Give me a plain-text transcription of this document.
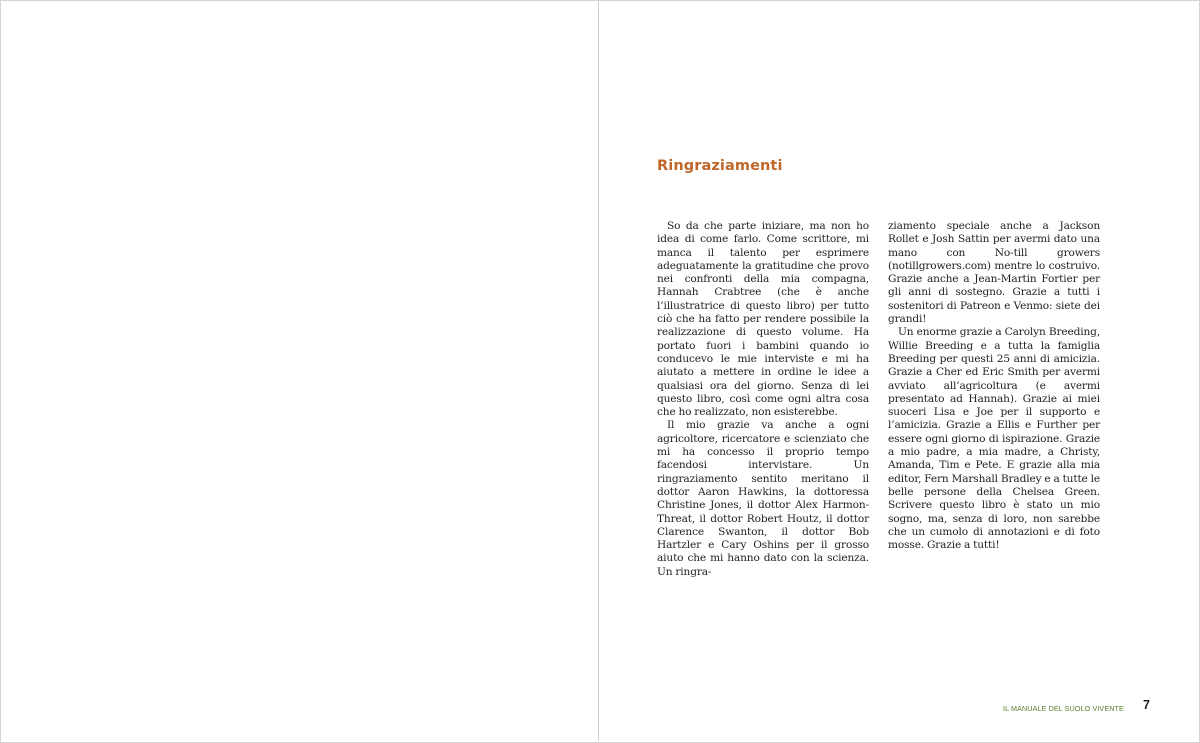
Ringraziamenti

So da che parte iniziare, ma non ho idea di come farlo. Come scrittore, mi manca il talento per esprimere adeguatamente la gratitudine che provo nei confronti della mia compagna, Hannah Crabtree (che è anche l’illustratrice di questo libro) per tutto ciò che ha fatto per rendere possibile la realizzazione di questo volume. Ha portato fuori i bambini quando io conducevo le mie interviste e mi ha aiutato a mettere in ordine le idee a qualsiasi ora del giorno. Senza di lei questo libro, così come ogni altra cosa che ho realizzato, non esisterebbe.

Il mio grazie va anche a ogni agricoltore, ricercatore e scienziato che mi ha concesso il proprio tempo facendosi intervistare. Un ringraziamento sentito meritano il dottor Aaron Hawkins, la dottoressa Christine Jones, il dottor Alex Harmon-Threat, il dottor Robert Houtz, il dottor Clarence Swanton, il dottor Bob Hartzler e Cary Oshins per il grosso aiuto che mi hanno dato con la scienza. Un ringra-

ziamento speciale anche a Jackson Rollet e Josh Sattin per avermi dato una mano con No-till growers (notillgrowers.com) mentre lo costruivo. Grazie anche a Jean-Martin Fortier per gli anni di sostegno. Grazie a tutti i sostenitori di Patreon e Venmo: siete dei grandi!

Un enorme grazie a Carolyn Breeding, Willie Breeding e a tutta la famiglia Breeding per questi 25 anni di amicizia. Grazie a Cher ed Eric Smith per avermi avviato all’agricoltura (e avermi presentato ad Hannah). Grazie ai miei suoceri Lisa e Joe per il supporto e l’amicizia. Grazie a Ellis e Further per essere ogni giorno di ispirazione. Grazie a mio padre, a mia madre, a Christy, Amanda, Tim e Pete. E grazie alla mia editor, Fern Marshall Bradley e a tutte le belle persone della Chelsea Green. Scrivere questo libro è stato un mio sogno, ma, senza di loro, non sarebbe che un cumolo di annotazioni e di foto mosse. Grazie a tutti!

IL MANUALE DEL SUOLO VIVENTE 7
